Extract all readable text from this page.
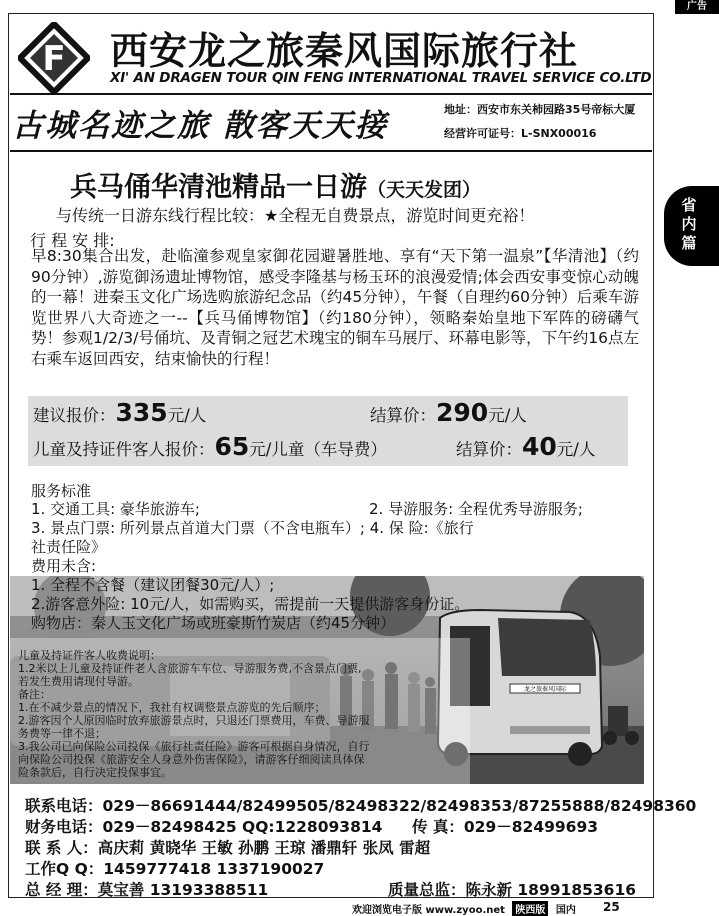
广告
F 西安龙之旅秦风国际旅行社
XI' AN DRAGEN TOUR QIN FENG INTERNATIONAL TRAVEL SERVICE CO.LTD
古城名迹之旅 散客天天接	地址：西安市东关柿园路35号帝标大厦
经营许可证号：L-SNX00016
兵马俑华清池精品一日游（天天发团）
与传统一日游东线行程比较：★全程无自费景点，游览时间更充裕！
行 程 安 排:
早8:30集合出发，赴临潼参观皇家御花园避暑胜地、享有“天下第一温泉”【华清池】（约90分钟）,游览御汤遗址博物馆，感受李隆基与杨玉环的浪漫爱情;体会西安事变惊心动魄的一幕！进秦玉文化广场选购旅游纪念品（约45分钟），午餐（自理约60分钟）后乘车游览世界八大奇迹之一--【兵马俑博物馆】（约180分钟），领略秦始皇地下军阵的磅礴气势！参观1/2/3/号俑坑、及青铜之冠艺术瑰宝的铜车马展厅、环幕电影等，下午约16点左右乘车返回西安，结束愉快的行程！
建议报价：335元/人	结算价：290元/人
儿童及持证件客人报价：65元/儿童（车导费）	结算价：40元/人
服务标准
1. 交通工具: 豪华旅游车;	2. 导游服务: 全程优秀导游服务;
3. 景点门票: 所列景点首道大门票（不含电瓶车）; 4. 保 险:《旅行
社责任险》
费用未含:
龙之旅秦风国际
1. 全程不含餐（建议团餐30元/人）;
2.游客意外险: 10元/人，如需购买，需提前一天提供游客身份证。
购物店：秦人玉文化广场或班豪斯竹炭店（约45分钟）
儿童及持证件客人收费说明：
1.2米以上儿童及持证件老人含旅游车车位、导游服务费,不含景点门票,
若发生费用请现付导游。
备注：
1.在不减少景点的情况下，我社有权调整景点游览的先后顺序；
2.游客因个人原因临时放弃旅游景点时，只退还门票费用，车费、导游服
务费等一律不退；
3.我公司已向保险公司投保《旅行社责任险》游客可根据自身情况，自行
向保险公司投保《旅游安全人身意外伤害保险》，请游客仔细阅读具体保
险条款后，自行决定投保事宜。
联系电话：029－86691444/82499505/82498322/82498353/87255888/82498360
财务电话：029－82498425 QQ:1228093814 传 真：029－82499693
联 系 人：高庆莉 黄晓华 王敏 孙鹏 王琼 潘鼎轩 张凤 雷超
工作Q Q：1459777418 1337190027
总 经 理：莫宝善 13193388511	质量总监：陈永新 18991853616
省内篇
欢迎浏览电子版 www.zyoo.net 陕西版 国内 25
